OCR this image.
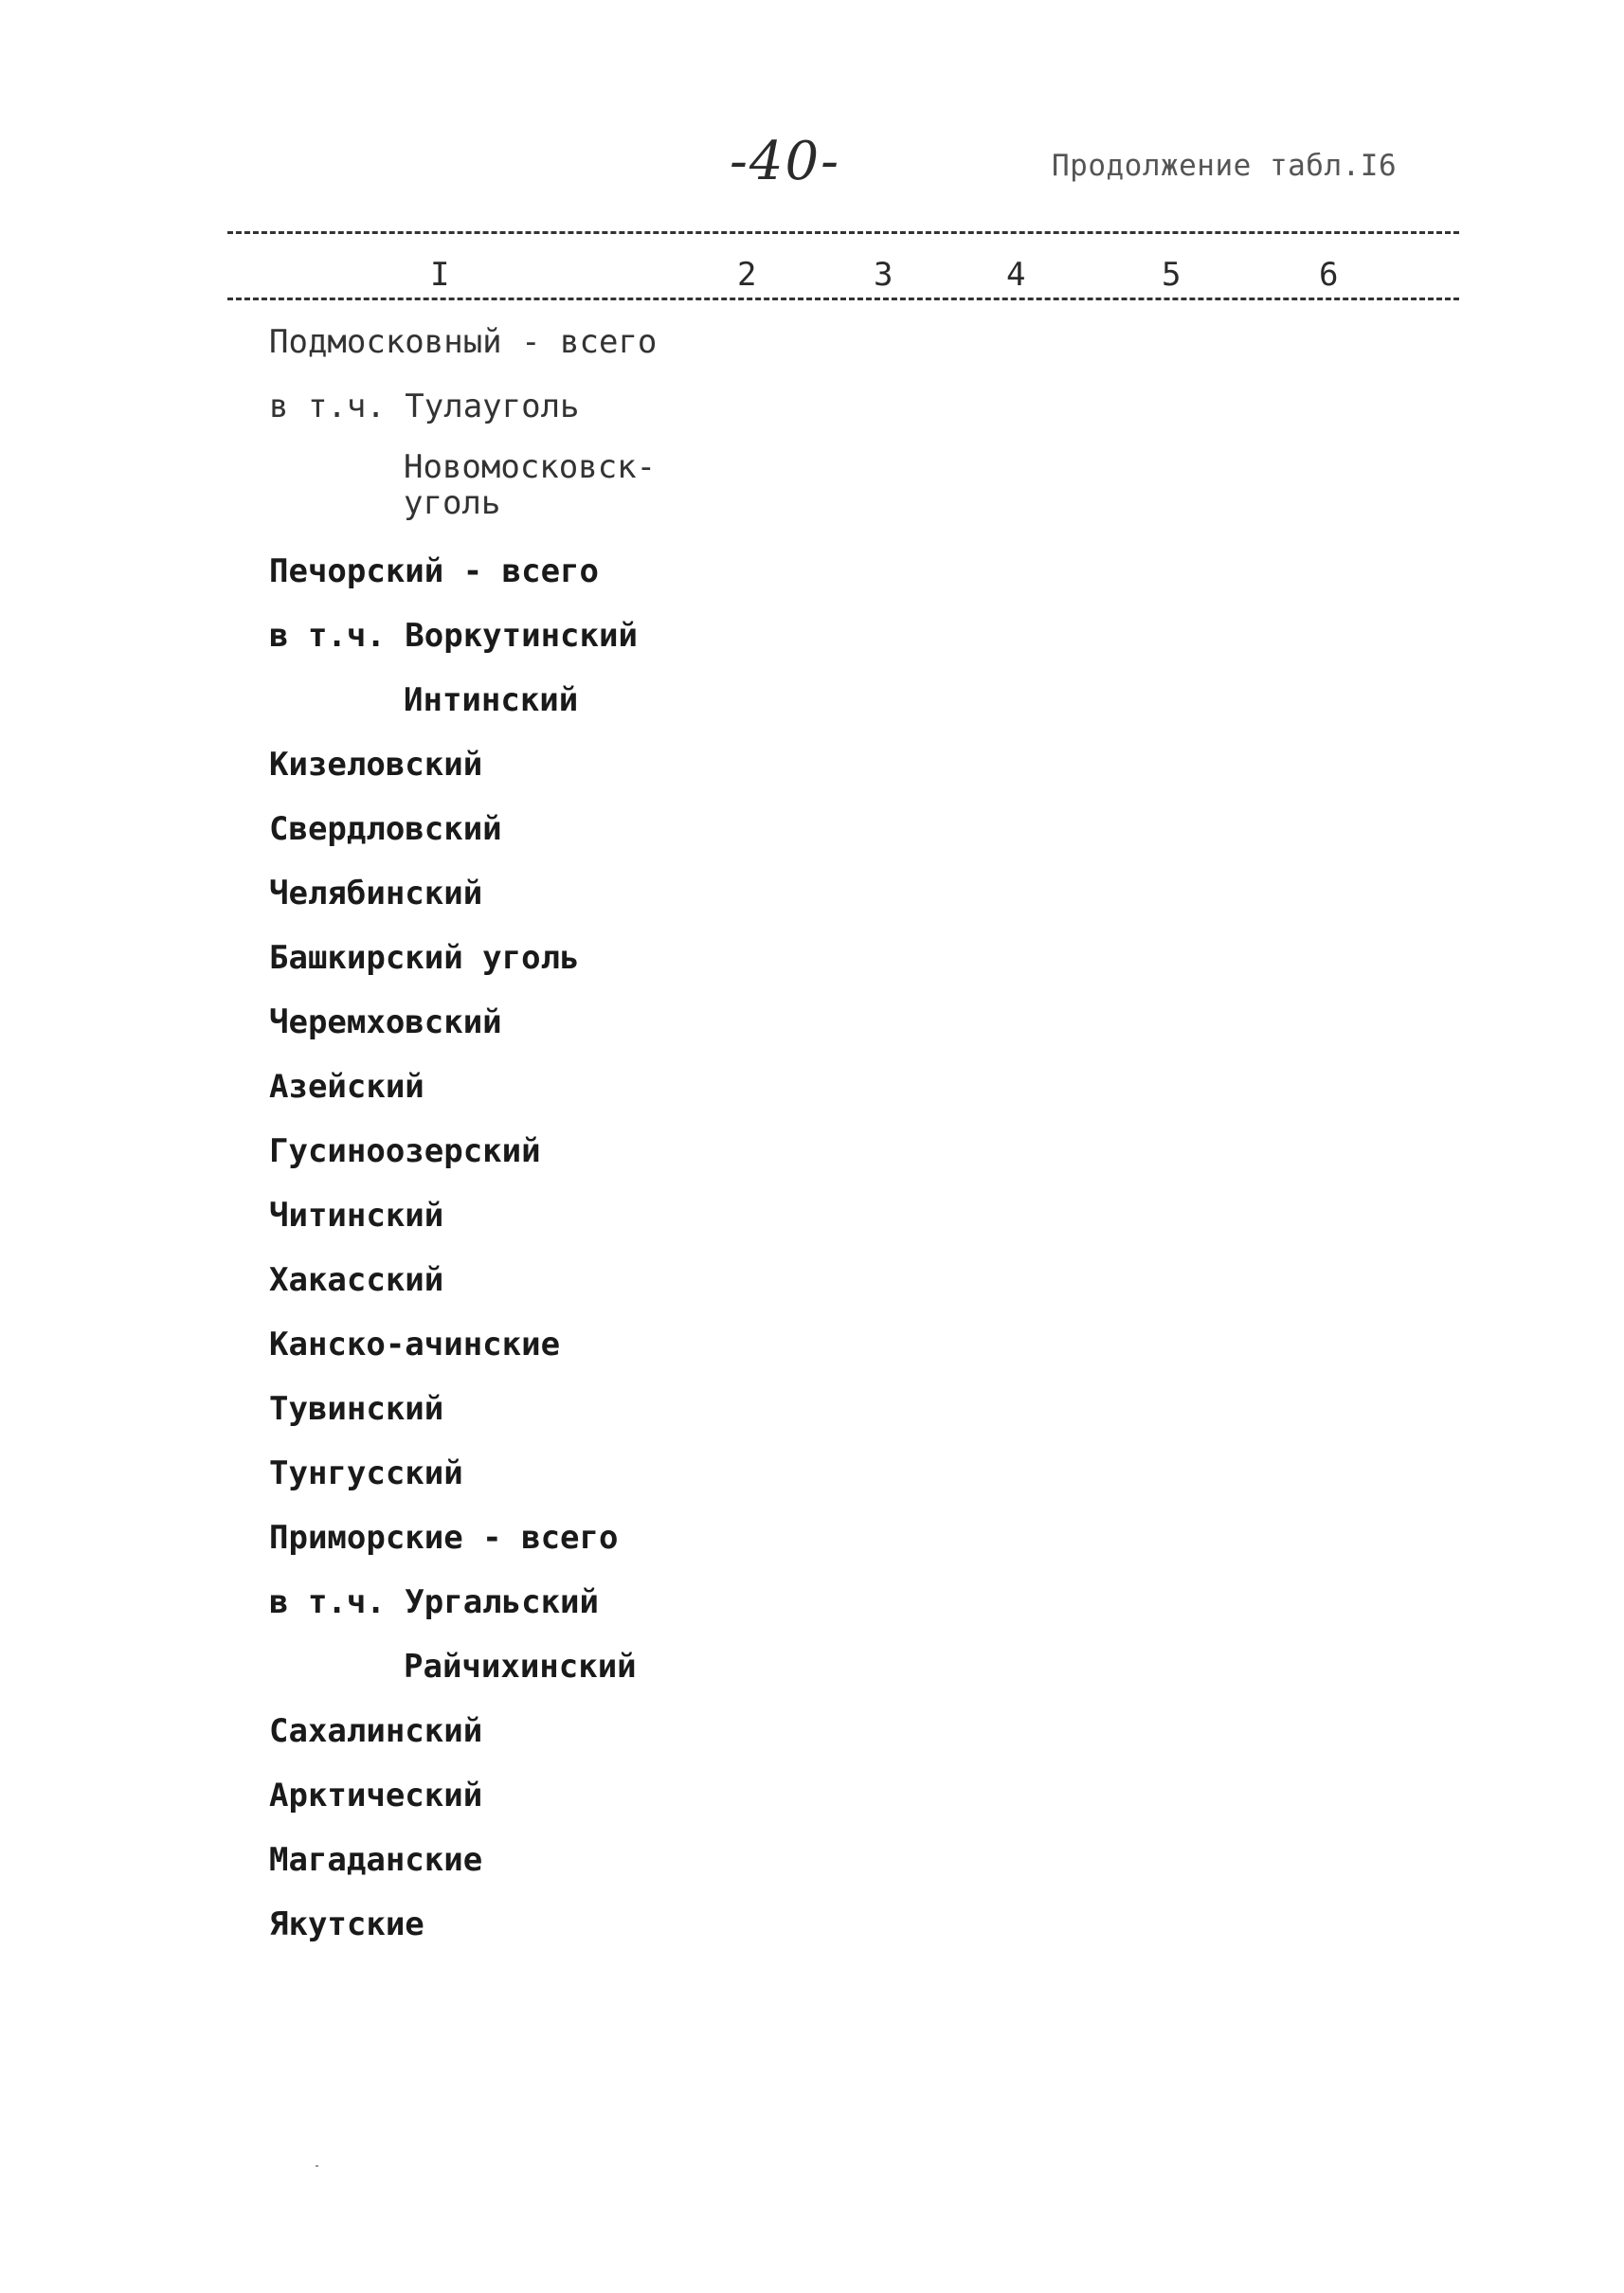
-40-	Продолжение табл.I6
I	2	3	4	5	6
Подмосковный - всего
в т.ч. Тулауголь
Новомосковск-уголь
Печорский - всего
в т.ч. Воркутинский
Интинский
Кизеловский
Свердловский
Челябинский
Башкирский уголь
Черемховский
Азейский
Гусиноозерский
Читинский
Хакасский
Канско-ачинские
Тувинский
Тунгусский
Приморские - всего
в т.ч. Ургальский
Райчихинский
Сахалинский
Арктический
Магаданские
Якутские
